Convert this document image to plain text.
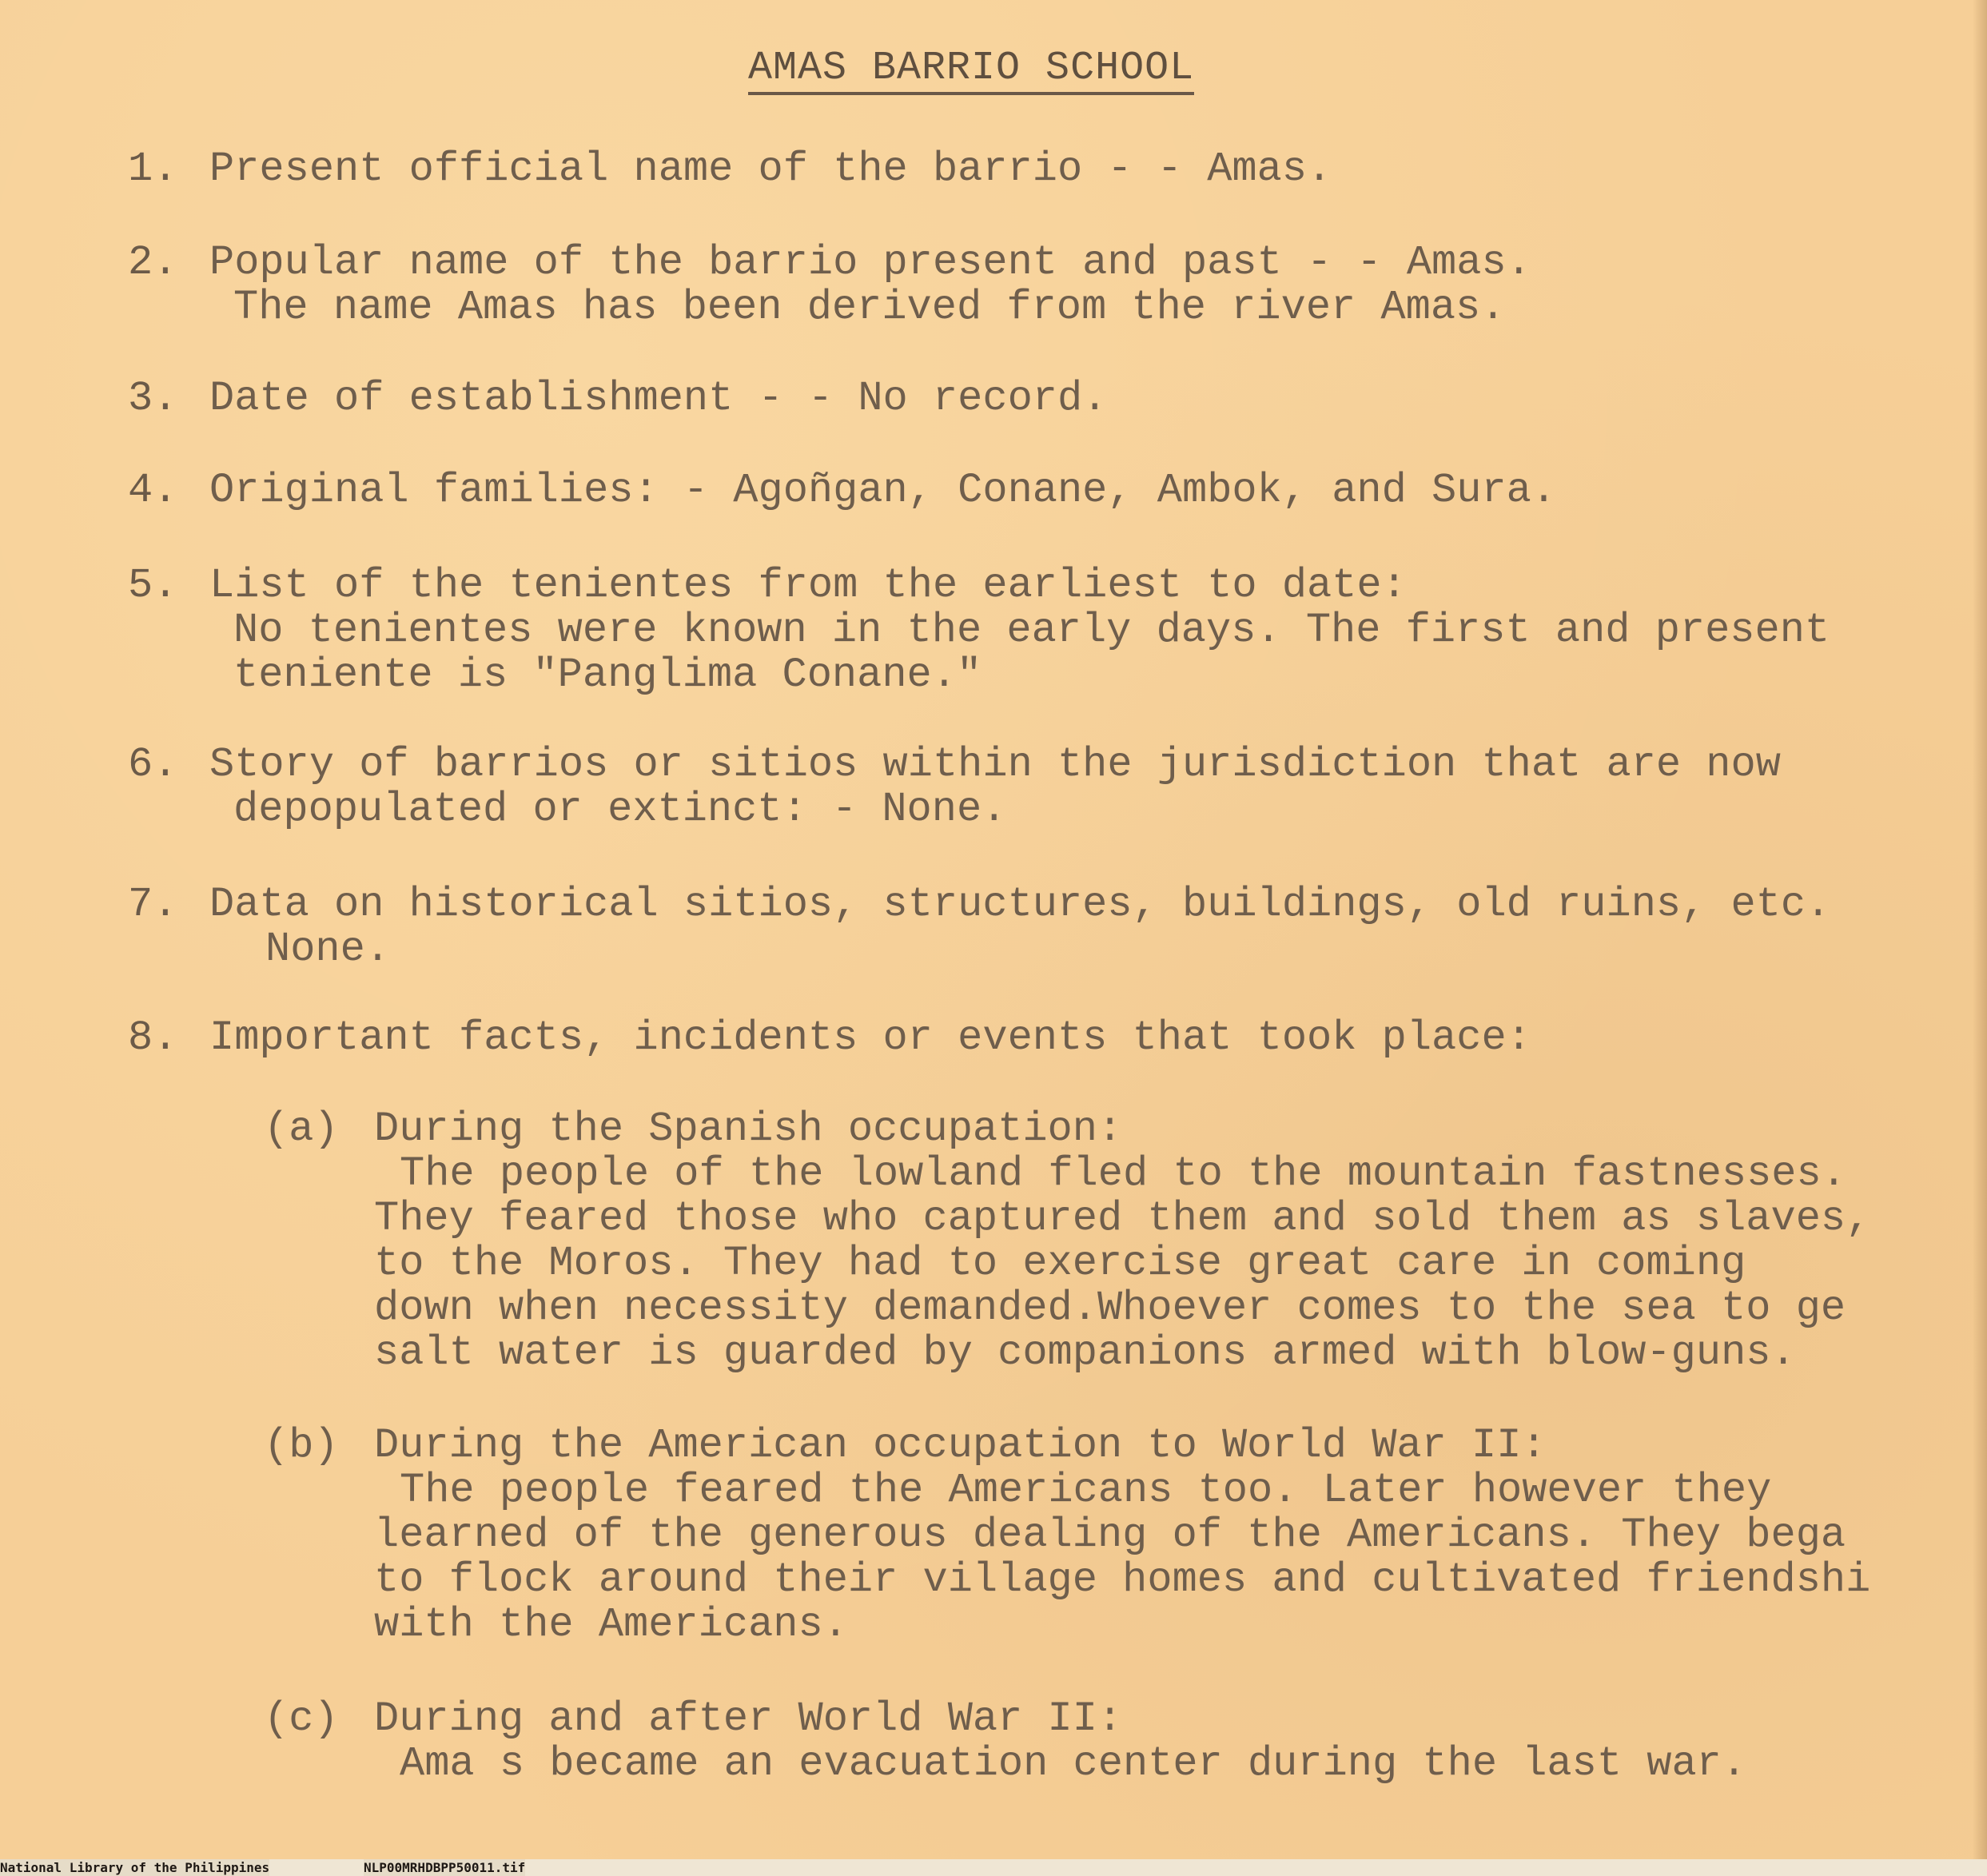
AMAS BARRIO SCHOOL
1. Present official name of the barrio - - Amas.
2. Popular name of the barrio present and past - - Amas.
The name Amas has been derived from the river Amas.
3. Date of establishment - - No record.
4. Original families: - Agoñgan, Conane, Ambok, and Sura.
5. List of the tenientes from the earliest to date:
No tenientes were known in the early days. The first and present
teniente is "Panglima Conane."
6. Story of barrios or sitios within the jurisdiction that are now
depopulated or extinct: - None.
7. Data on historical sitios, structures, buildings, old ruins, etc.
None.
8. Important facts, incidents or events that took place:
(a) During the Spanish occupation:
The people of the lowland fled to the mountain fastnesses.
They feared those who captured them and sold them as slaves,
to the Moros. They had to exercise great care in coming
down when necessity demanded.Whoever comes to the sea to ge
salt water is guarded by companions armed with blow-guns.
(b) During the American occupation to World War II:
The people feared the Americans too. Later however they
learned of the generous dealing of the Americans. They bega
to flock around their village homes and cultivated friendshi
with the Americans.
(c) During and after World War II:
Ama s became an evacuation center during the last war.
National Library of the Philippines	NLP00MRHDBPP50011.tif
